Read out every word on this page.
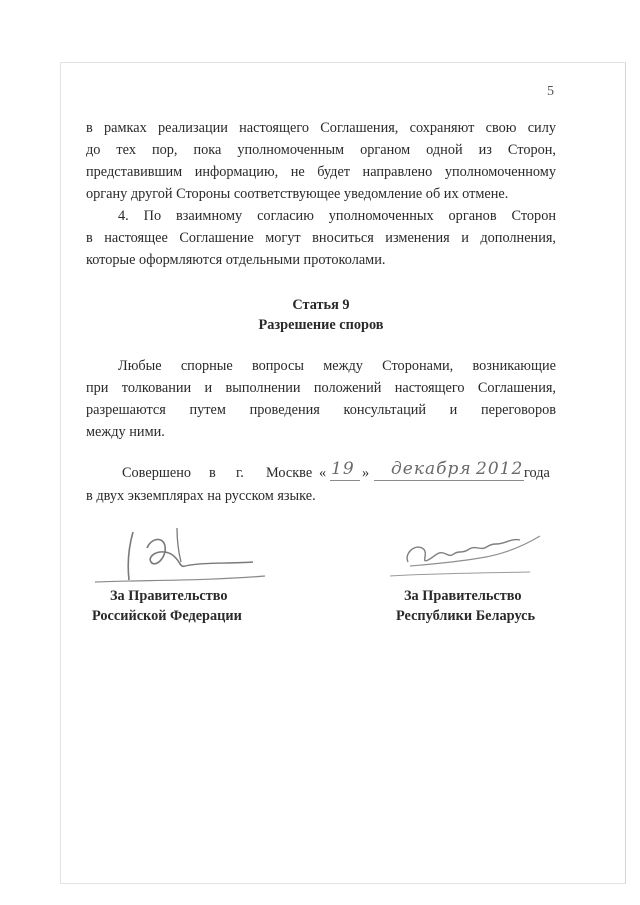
5
в рамках реализации настоящего Соглашения, сохраняют свою силу
до тех пор, пока уполномоченным органом одной из Сторон,
представившим информацию, не будет направлено уполномоченному
органу другой Стороны соответствующее уведомление об их отмене.
4. По взаимному согласию уполномоченных органов Сторон
в настоящее Соглашение могут вноситься изменения и дополнения,
которые оформляются отдельными протоколами.
Статья 9
Разрешение споров
Любые спорные вопросы между Сторонами, возникающие
при толковании и выполнении положений настоящего Соглашения,
разрешаются путем проведения консультаций и переговоров
между ними.
Совершено в г. Москве « 19 » декабря 2012 года
в двух экземплярах на русском языке.
За Правительство
Российской Федерации
За Правительство
Республики Беларусь
